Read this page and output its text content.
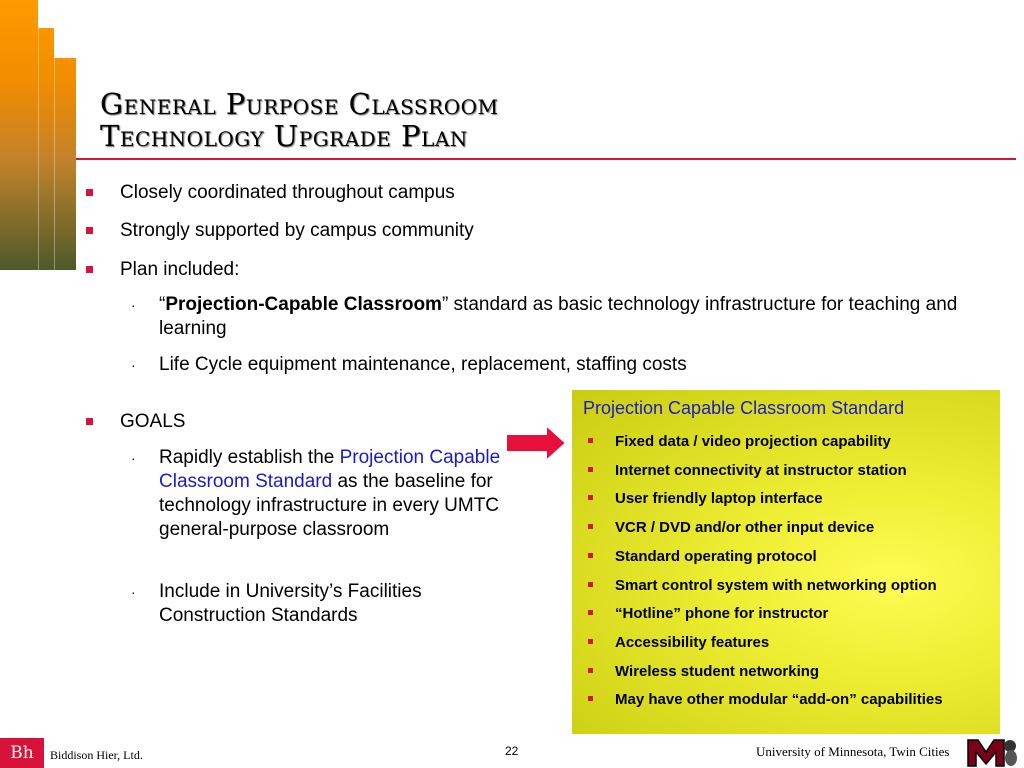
General Purpose Classroom
Technology Upgrade Plan
Closely coordinated throughout campus
Strongly supported by campus community
Plan included:
· “Projection-Capable Classroom” standard as basic technology infrastructure for teaching and learning
· Life Cycle equipment maintenance, replacement, staffing costs
GOALS
· Rapidly establish the Projection Capable Classroom Standard as the baseline for technology infrastructure in every UMTC general-purpose classroom
· Include in University’s Facilities Construction Standards
Projection Capable Classroom Standard
Fixed data / video projection capability
Internet connectivity at instructor station
User friendly laptop interface
VCR / DVD and/or other input device
Standard operating protocol
Smart control system with networking option
“Hotline” phone for instructor
Accessibility features
Wireless student networking
May have other modular “add-on” capabilities
Bh	Biddison Hier, Ltd.	22	University of Minnesota, Twin Cities
